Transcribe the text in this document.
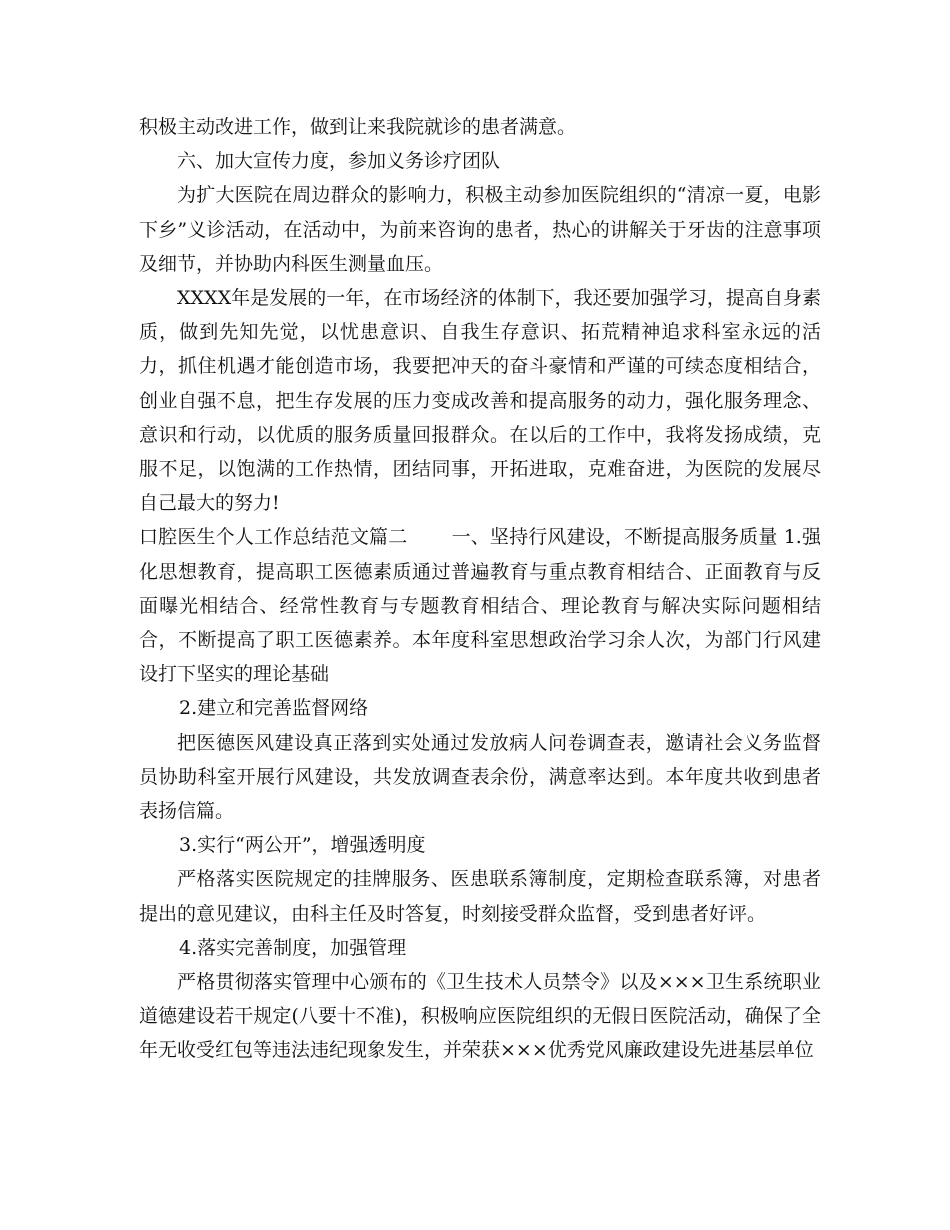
积极主动改进工作，做到让来我院就诊的患者满意。

六、加大宣传力度，参加义务诊疗团队

为扩大医院在周边群众的影响力，积极主动参加医院组织的“清凉一夏，电影下乡”义诊活动，在活动中，为前来咨询的患者，热心的讲解关于牙齿的注意事项及细节，并协助内科医生测量血压。

XXXX年是发展的一年，在市场经济的体制下，我还要加强学习，提高自身素质，做到先知先觉，以忧患意识、自我生存意识、拓荒精神追求科室永远的活力，抓住机遇才能创造市场，我要把冲天的奋斗豪情和严谨的可续态度相结合，创业自强不息，把生存发展的压力变成改善和提高服务的动力，强化服务理念、意识和行动，以优质的服务质量回报群众。在以后的工作中，我将发扬成绩，克服不足，以饱满的工作热情，团结同事，开拓进取，克难奋进，为医院的发展尽自己最大的努力!

口腔医生个人工作总结范文篇二 一、坚持行风建设，不断提高服务质量 1.强化思想教育，提高职工医德素质通过普遍教育与重点教育相结合、正面教育与反面曝光相结合、经常性教育与专题教育相结合、理论教育与解决实际问题相结合，不断提高了职工医德素养。本年度科室思想政治学习余人次，为部门行风建设打下坚实的理论基础

2.建立和完善监督网络

把医德医风建设真正落到实处通过发放病人问卷调查表，邀请社会义务监督员协助科室开展行风建设，共发放调查表余份，满意率达到。本年度共收到患者表扬信篇。

3.实行“两公开”，增强透明度

严格落实医院规定的挂牌服务、医患联系簿制度，定期检查联系簿，对患者提出的意见建议，由科主任及时答复，时刻接受群众监督，受到患者好评。

4.落实完善制度，加强管理

严格贯彻落实管理中心颁布的《卫生技术人员禁令》以及×××卫生系统职业道德建设若干规定(八要十不准)，积极响应医院组织的无假日医院活动，确保了全年无收受红包等违法违纪现象发生，并荣获×××优秀党风廉政建设先进基层单位
